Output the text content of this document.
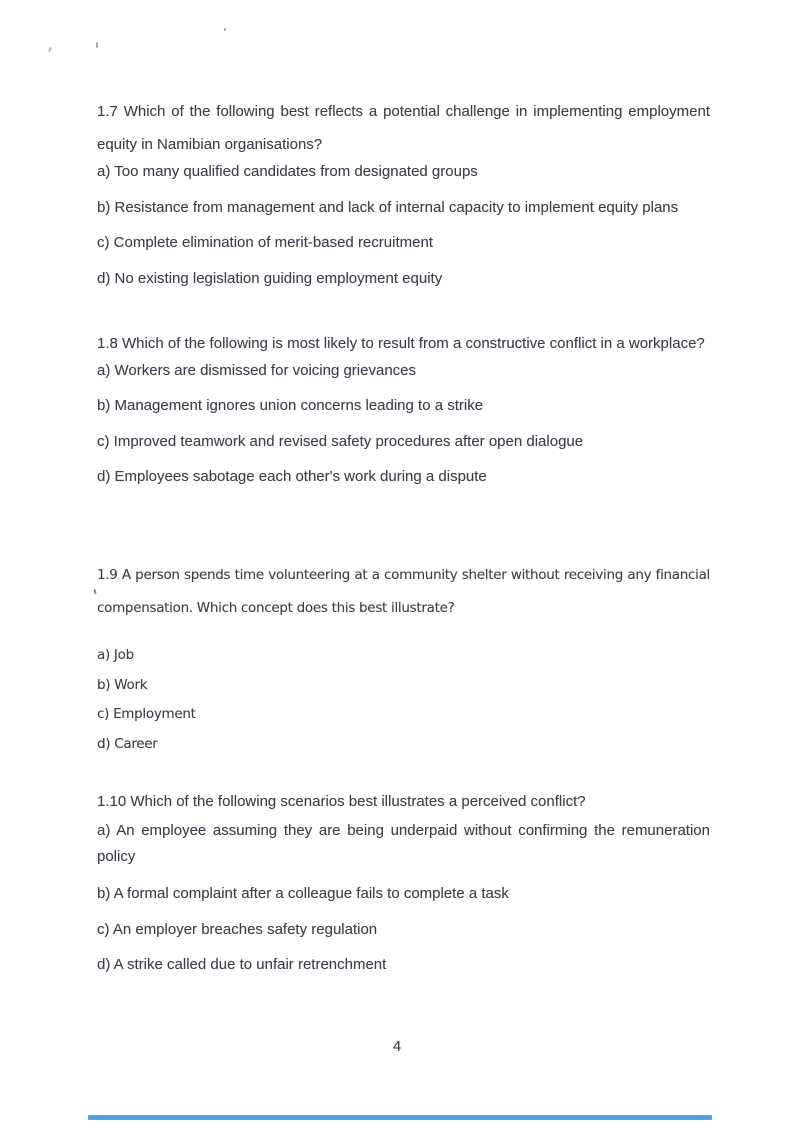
1.7 Which of the following best reflects a potential challenge in implementing employment
equity in Namibian organisations?

a) Too many qualified candidates from designated groups

b) Resistance from management and lack of internal capacity to implement equity plans

c) Complete elimination of merit-based recruitment

d) No existing legislation guiding employment equity

1.8 Which of the following is most likely to result from a constructive conflict in a workplace?

a) Workers are dismissed for voicing grievances

b) Management ignores union concerns leading to a strike

c) Improved teamwork and revised safety procedures after open dialogue

d) Employees sabotage each other's work during a dispute

1.9 A person spends time volunteering at a community shelter without receiving any financial
compensation. Which concept does this best illustrate?

a) Job

b) Work

c) Employment

d) Career

1.10 Which of the following scenarios best illustrates a perceived conflict?
a) An employee assuming they are being underpaid without confirming the remuneration
policy

b) A formal complaint after a colleague fails to complete a task

c) An employer breaches safety regulation

d) A strike called due to unfair retrenchment

4
